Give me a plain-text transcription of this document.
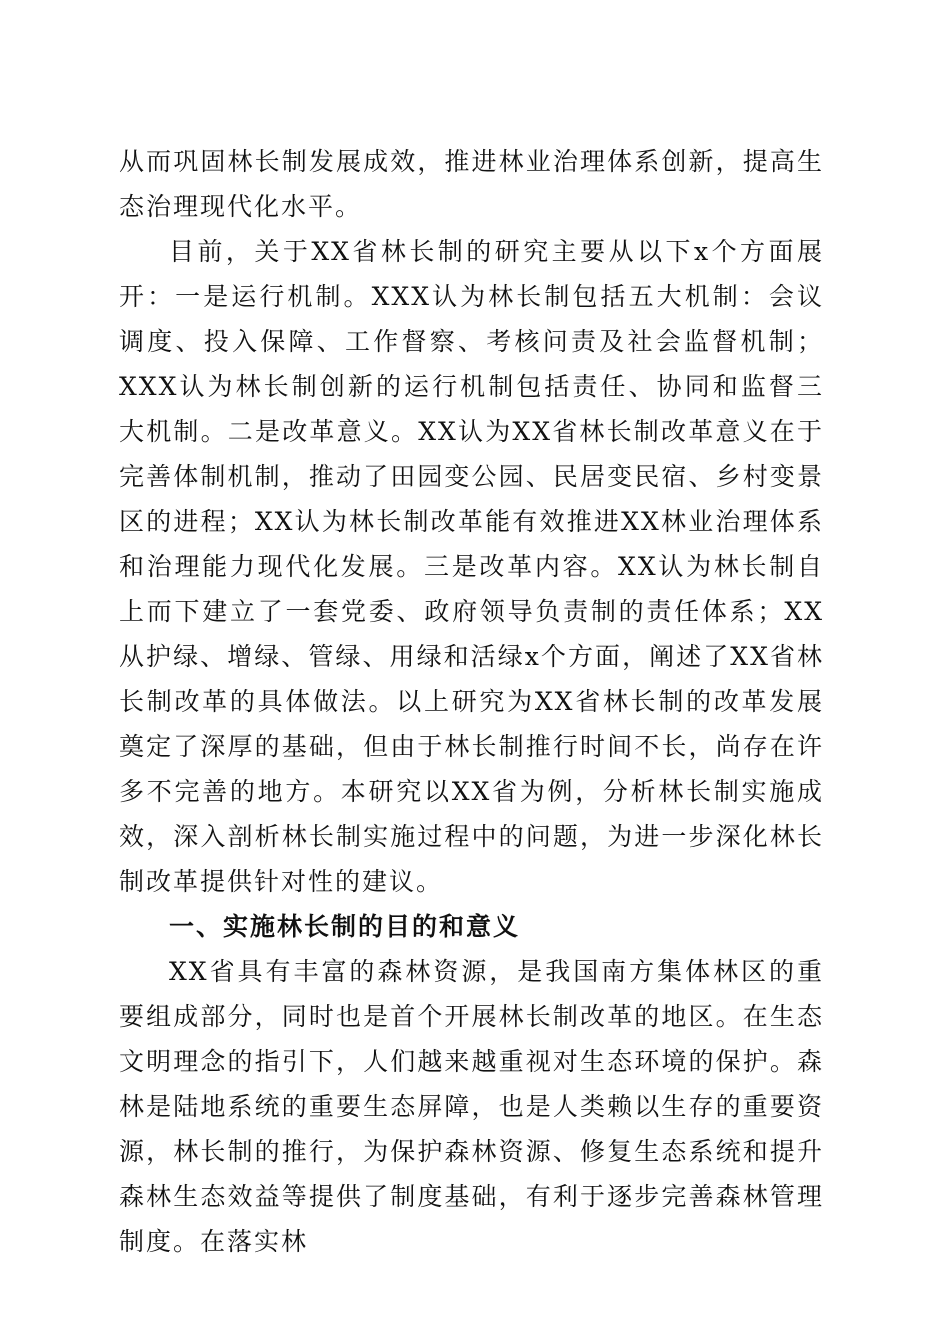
从而巩固林长制发展成效，推进林业治理体系创新，提高生态治理现代化水平。

目前，关于XX省林长制的研究主要从以下x个方面展开：一是运行机制。XXX认为林长制包括五大机制：会议调度、投入保障、工作督察、考核问责及社会监督机制；XXX认为林长制创新的运行机制包括责任、协同和监督三大机制。二是改革意义。XX认为XX省林长制改革意义在于完善体制机制，推动了田园变公园、民居变民宿、乡村变景区的进程；XX认为林长制改革能有效推进XX林业治理体系和治理能力现代化发展。三是改革内容。XX认为林长制自上而下建立了一套党委、政府领导负责制的责任体系；XX从护绿、增绿、管绿、用绿和活绿x个方面，阐述了XX省林长制改革的具体做法。以上研究为XX省林长制的改革发展奠定了深厚的基础，但由于林长制推行时间不长，尚存在许多不完善的地方。本研究以XX省为例，分析林长制实施成效，深入剖析林长制实施过程中的问题，为进一步深化林长制改革提供针对性的建议。

一、实施林长制的目的和意义

XX省具有丰富的森林资源，是我国南方集体林区的重要组成部分，同时也是首个开展林长制改革的地区。在生态文明理念的指引下，人们越来越重视对生态环境的保护。森林是陆地系统的重要生态屏障，也是人类赖以生存的重要资源，林长制的推行，为保护森林资源、修复生态系统和提升森林生态效益等提供了制度基础，有利于逐步完善森林管理制度。在落实林
